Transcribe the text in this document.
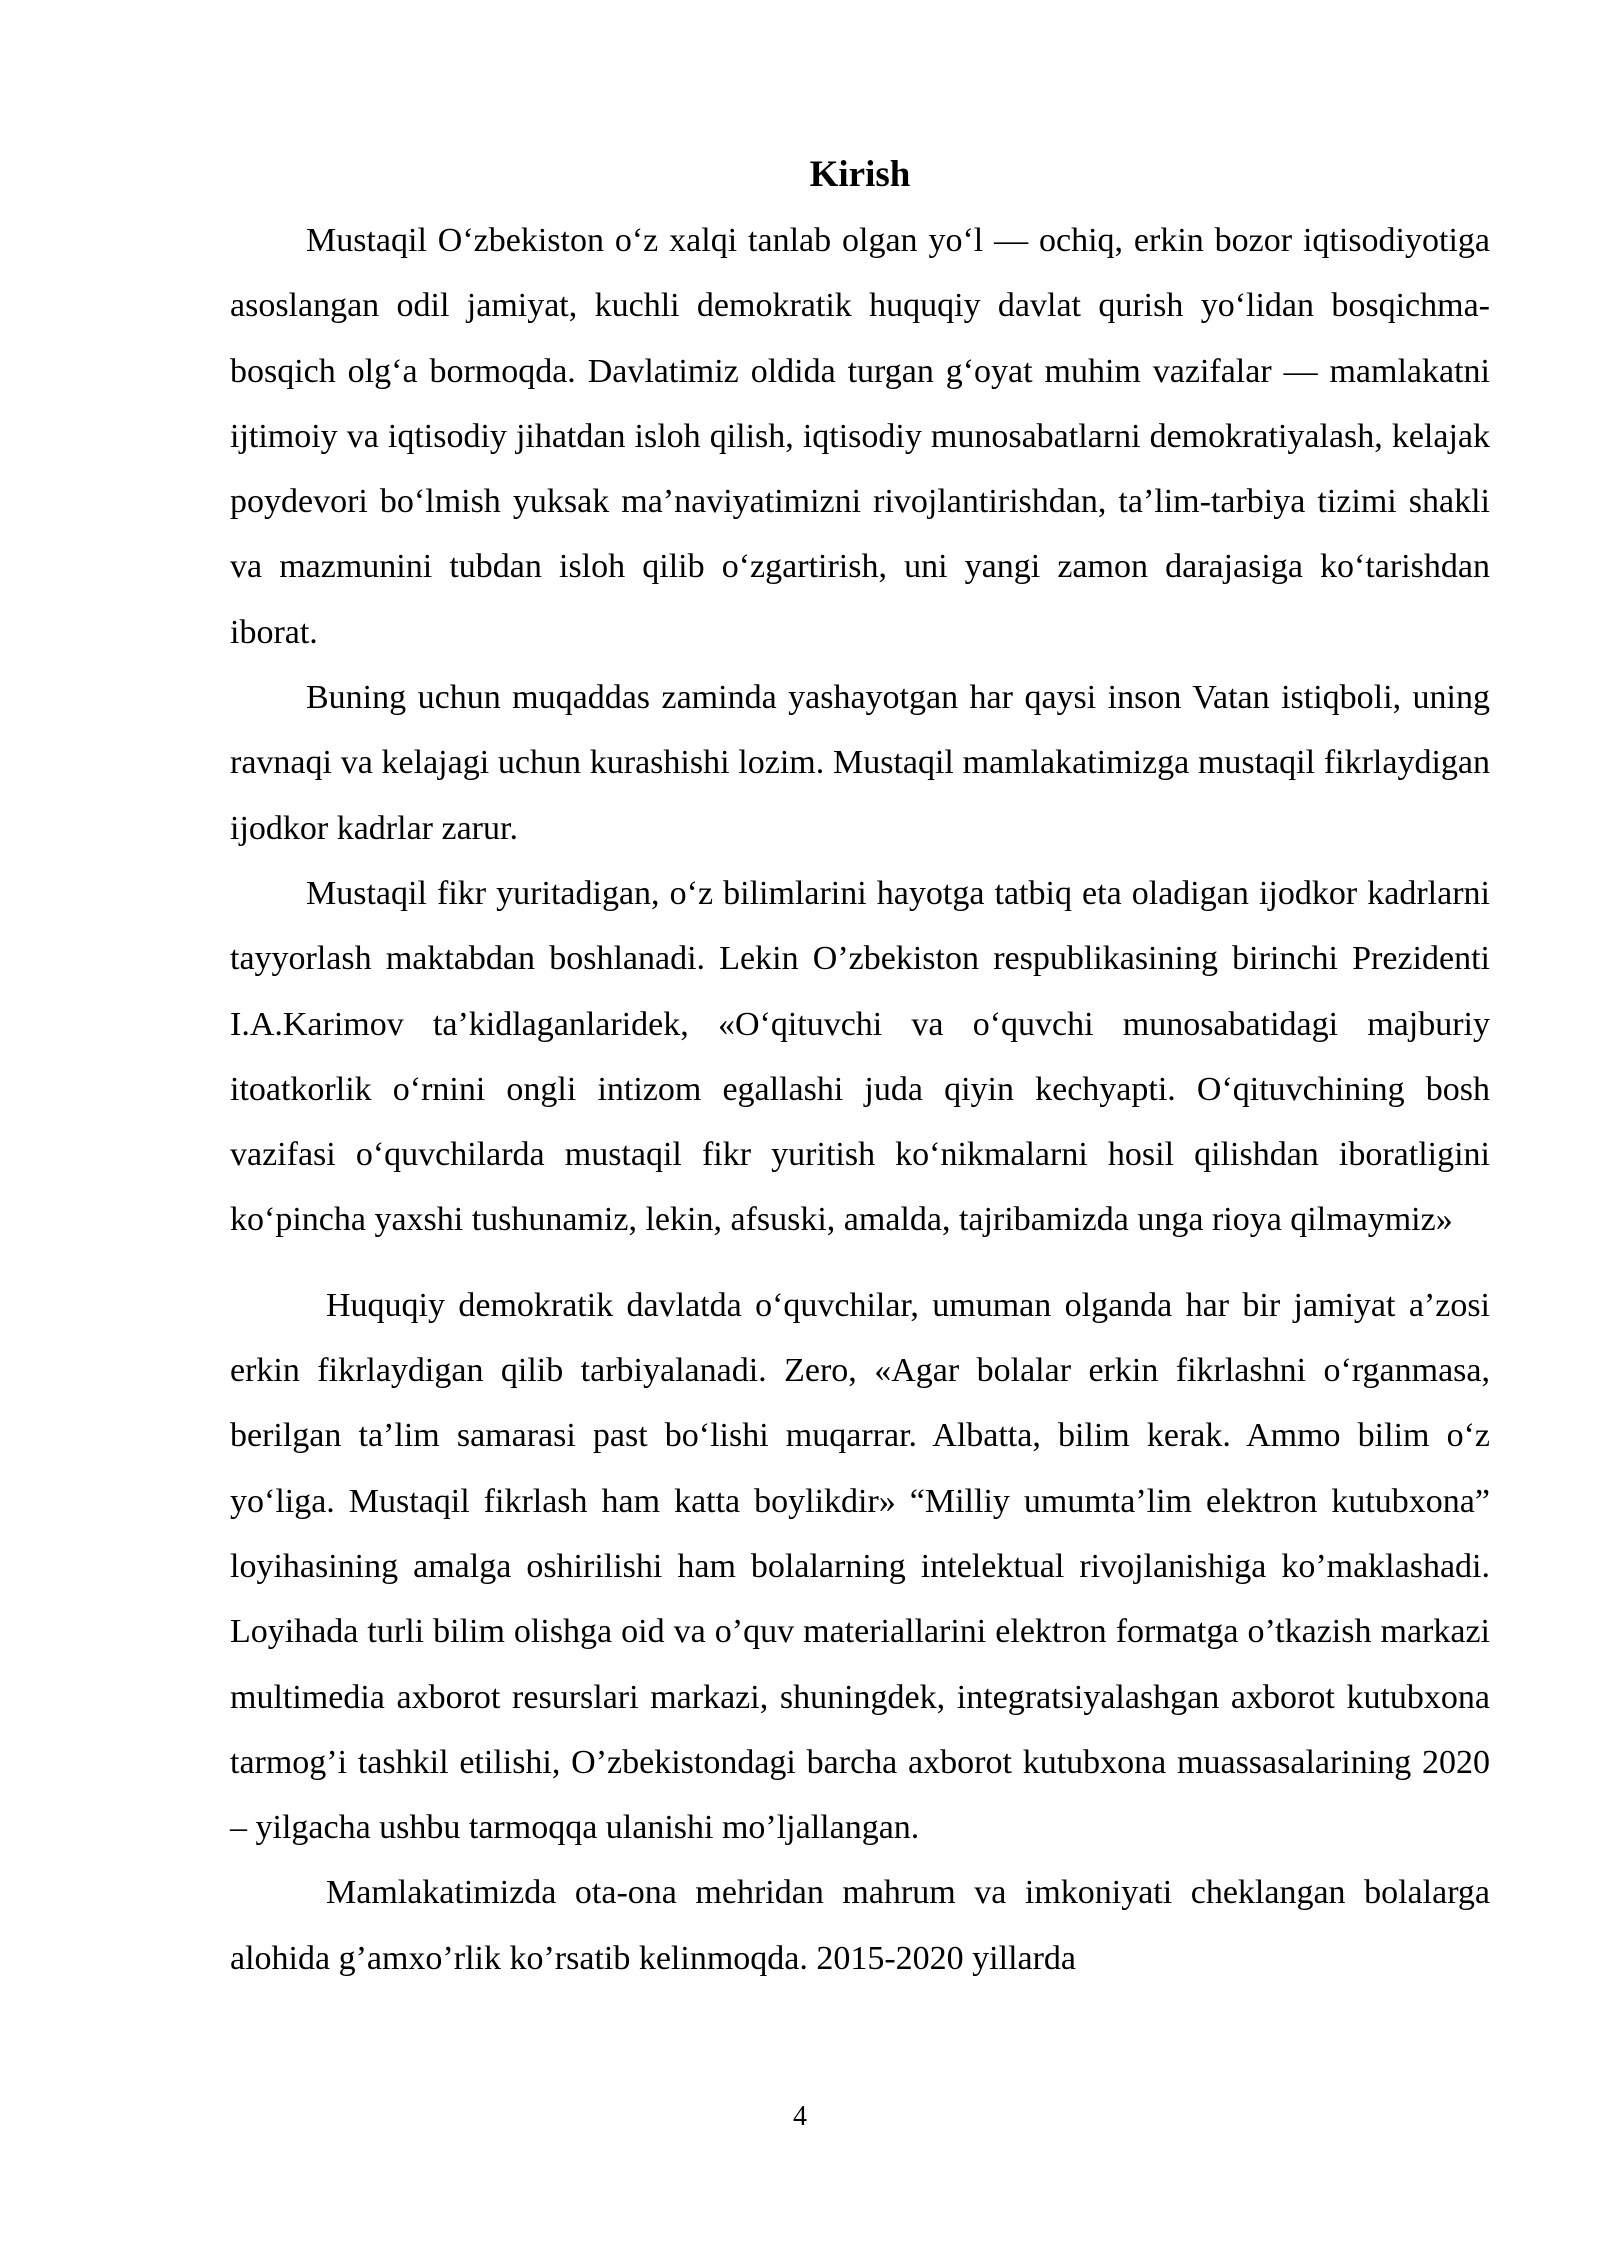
Kirish

Mustaqil O‘zbekiston o‘z xalqi tanlab olgan yo‘l — ochiq, erkin bozor iqtisodiyotiga asoslangan odil jamiyat, kuchli demokratik huquqiy davlat qurish yo‘lidan bosqichma-bosqich olg‘a bormoqda. Davlatimiz oldida turgan g‘oyat muhim vazifalar — mamlakatni ijtimoiy va iqtisodiy jihatdan isloh qilish, iqtisodiy munosabatlarni demokratiyalash, kelajak poydevori bo‘lmish yuksak ma’naviyatimizni rivojlantirishdan, ta’lim-tarbiya tizimi shakli va mazmunini tubdan isloh qilib o‘zgartirish, uni yangi zamon darajasiga ko‘tarishdan iborat.

Buning uchun muqaddas zaminda yashayotgan har qaysi inson Vatan istiqboli, uning ravnaqi va kelajagi uchun kurashishi lozim. Mustaqil mamlakatimizga mustaqil fikrlaydigan ijodkor kadrlar zarur.

Mustaqil fikr yuritadigan, o‘z bilimlarini hayotga tatbiq eta oladigan ijodkor kadrlarni tayyorlash maktabdan boshlanadi. Lekin O’zbekiston respublikasining birinchi Prezidenti I.A.Karimov ta’kidlaganlaridek, «O‘qituvchi va o‘quvchi munosabatidagi majburiy itoatkorlik o‘rnini ongli intizom egallashi juda qiyin kechyapti. O‘qituvchining bosh vazifasi o‘quvchilarda mustaqil fikr yuritish ko‘nikmalarni hosil qilishdan iboratligini ko‘pincha yaxshi tushunamiz, lekin, afsuski, amalda, tajribamizda unga rioya qilmaymiz»

Huquqiy demokratik davlatda o‘quvchilar, umuman olganda har bir jamiyat a’zosi erkin fikrlaydigan qilib tarbiyalanadi. Zero, «Agar bolalar erkin fikrlashni o‘rganmasa, berilgan ta’lim samarasi past bo‘lishi muqarrar. Albatta, bilim kerak. Ammo bilim o‘z yo‘liga. Mustaqil fikrlash ham katta boylikdir» “Milliy umumta’lim elektron kutubxona” loyihasining amalga oshirilishi ham bolalarning intelektual rivojlanishiga ko’maklashadi. Loyihada turli bilim olishga oid va o’quv materiallarini elektron formatga o’tkazish markazi multimedia axborot resurslari markazi, shuningdek, integratsiyalashgan axborot kutubxona tarmog’i tashkil etilishi, O’zbekistondagi barcha axborot kutubxona muassasalarining 2020 – yilgacha ushbu tarmoqqa ulanishi mo’ljallangan.

Mamlakatimizda ota-ona mehridan mahrum va imkoniyati cheklangan bolalarga alohida g’amxo’rlik ko’rsatib kelinmoqda. 2015-2020 yillarda

4
